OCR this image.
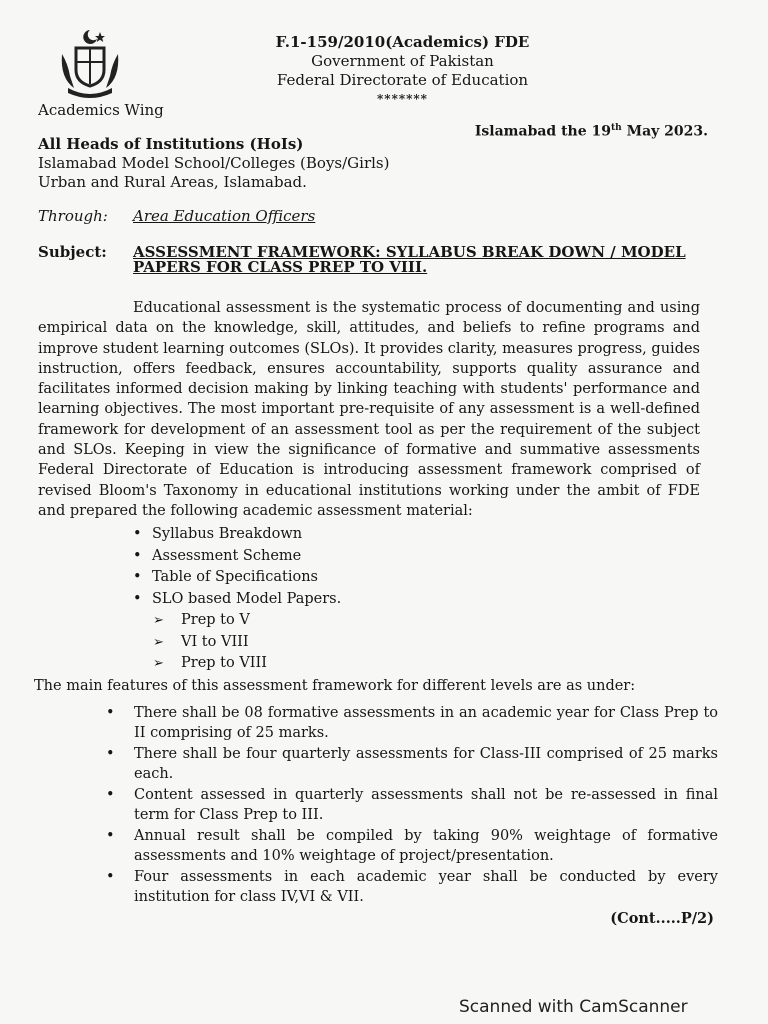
Academics Wing
F.1-159/2010(Academics) FDE
Government of Pakistan
Federal Directorate of Education
*******
Islamabad the 19th May 2023.
All Heads of Institutions (HoIs)
Islamabad Model School/Colleges (Boys/Girls)
Urban and Rural Areas, Islamabad.
Through: Area Education Officers
Subject:	ASSESSMENT FRAMEWORK: SYLLABUS BREAK DOWN / MODEL PAPERS FOR CLASS PREP TO VIII.
Educational assessment is the systematic process of documenting and using empirical data on the knowledge, skill, attitudes, and beliefs to refine programs and improve student learning outcomes (SLOs). It provides clarity, measures progress, guides instruction, offers feedback, ensures accountability, supports quality assurance and facilitates informed decision making by linking teaching with students' performance and learning objectives. The most important pre-requisite of any assessment is a well-defined framework for development of an assessment tool as per the requirement of the subject and SLOs. Keeping in view the significance of formative and summative assessments Federal Directorate of Education is introducing assessment framework comprised of revised Bloom's Taxonomy in educational institutions working under the ambit of FDE and prepared the following academic assessment material:
• Syllabus Breakdown
• Assessment Scheme
• Table of Specifications
• SLO based Model Papers.
➢ Prep to V
➢ VI to VIII
➢ Prep to VIII
The main features of this assessment framework for different levels are as under:
• There shall be 08 formative assessments in an academic year for Class Prep to II comprising of 25 marks.
• There shall be four quarterly assessments for Class-III comprised of 25 marks each.
• Content assessed in quarterly assessments shall not be re-assessed in final term for Class Prep to III.
• Annual result shall be compiled by taking 90% weightage of formative assessments and 10% weightage of project/presentation.
• Four assessments in each academic year shall be conducted by every institution for class IV,VI & VII.
(Cont.....P/2)
Scanned with CamScanner
